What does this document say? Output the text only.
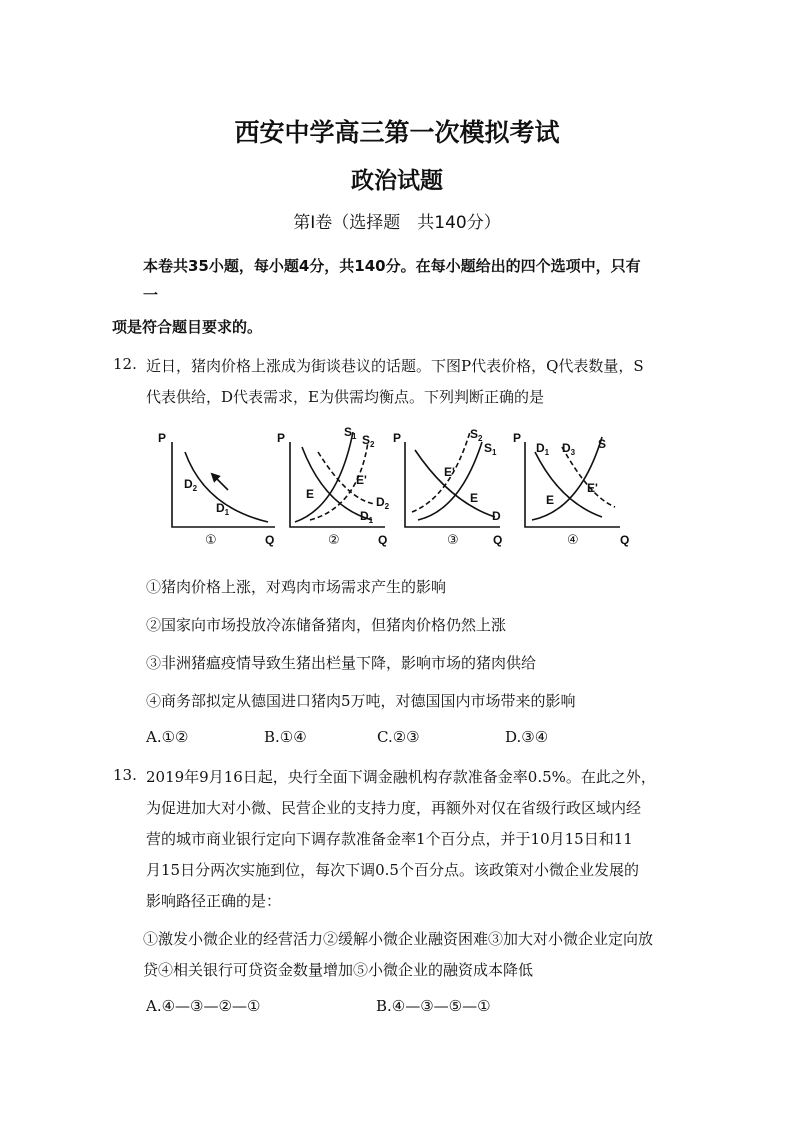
西安中学高三第一次模拟考试
政治试题
第Ⅰ卷（选择题　共140分）
本卷共35小题，每小题4分，共140分。在每小题给出的四个选项中，只有
一
项是符合题目要求的。
12. 近日，猪肉价格上涨成为街谈巷议的话题。下图P代表价格，Q代表数量，S
代表供给，D代表需求，E为供需均衡点。下列判断正确的是
P
Q
$D_2$
$D_1$
①
P
Q
$S_1$ $S_2$
E
E'
$D_2$
$D_1$
②
P
Q
$S_2$
$S_1$
E'
E
D
③
P
Q
$D_1$ $D_3$
S
E
E'
④
①猪肉价格上涨，对鸡肉市场需求产生的影响
②国家向市场投放冷冻储备猪肉，但猪肉价格仍然上涨
③非洲猪瘟疫情导致生猪出栏量下降，影响市场的猪肉供给
④商务部拟定从德国进口猪肉5万吨，对德国国内市场带来的影响
A.①②	B.①④	C.②③	D.③④
13. 2019年9月16日起，央行全面下调金融机构存款准备金率0.5%。在此之外，
为促进加大对小微、民营企业的支持力度，再额外对仅在省级行政区域内经
营的城市商业银行定向下调存款准备金率1个百分点，并于10月15日和11
月15日分两次实施到位，每次下调0.5个百分点。该政策对小微企业发展的
影响路径正确的是：
①激发小微企业的经营活力②缓解小微企业融资困难③加大对小微企业定向放
贷④相关银行可贷资金数量增加⑤小微企业的融资成本降低
A.④—③—②—①	B.④—③—⑤—①
